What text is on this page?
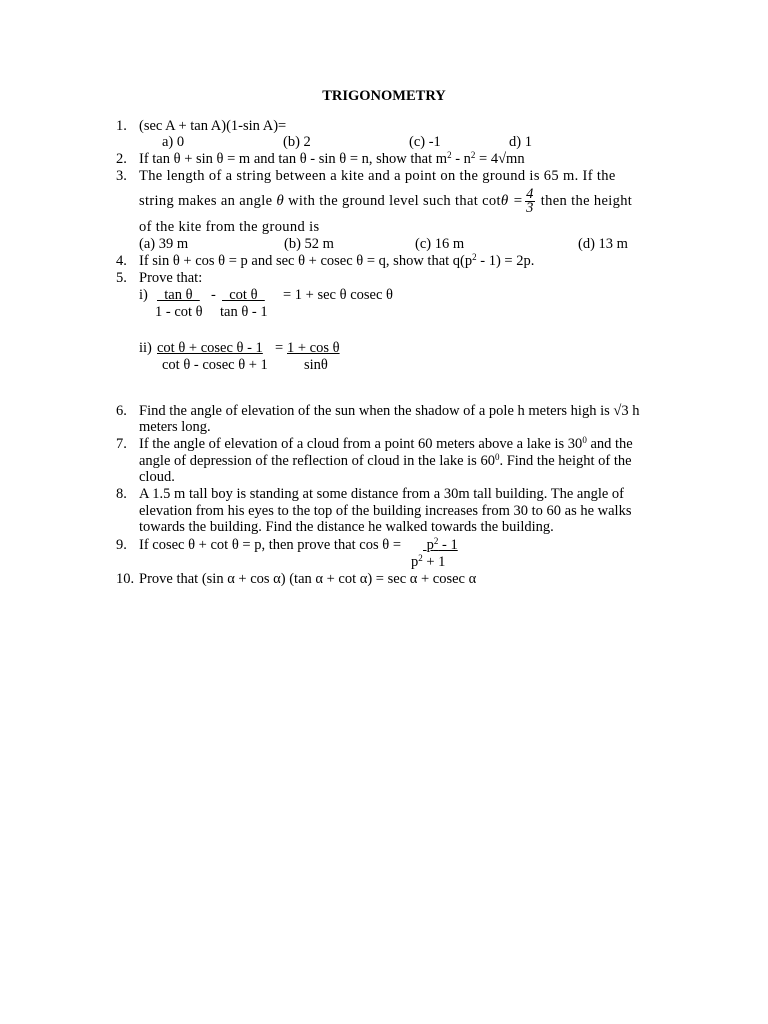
TRIGONOMETRY
1. (sec A + tan A)(1-sin A)=
a) 0	(b) 2	(c) -1	d) 1
2. If tan θ + sin θ = m and tan θ - sin θ = n, show that $m^2 - n^2 = 4√mn$
3. The length of a string between a kite and a point on the ground is 65 m. If the
string makes an angle θ with the ground level such that $\cot\theta = \frac{4}{3}$ then the height
of the kite from the ground is
(a) 39 m	(b) 52 m	(c) 16 m	(d) 13 m
4. If sin θ + cos θ = p and sec θ + cosec θ = q, show that $q(p^2 - 1) = 2p$.
5. Prove that:
i) tan θ - cot θ = 1 + sec θ cosec θ
1 - cot θ tan θ - 1
ii) cot θ + cosec θ - 1 = 1 + cos θ
cot θ - cosec θ + 1 sinθ
6. Find the angle of elevation of the sun when the shadow of a pole h meters high is √3 h
meters long.
7. If the angle of elevation of a cloud from a point 60 meters above a lake is $30^0$ and the
angle of depression of the reflection of cloud in the lake is $60^0$. Find the height of the
cloud.
8. A 1.5 m tall boy is standing at some distance from a 30m tall building. The angle of
elevation from his eyes to the top of the building increases from 30 to 60 as he walks
towards the building. Find the distance he walked towards the building.
9. If cosec θ + cot θ = p, then prove that $\cos \theta = p^2 - 1$
$p^2 + 1$
10. Prove that (sin α + cos α) (tan α + cot α) = sec α + cosec α
